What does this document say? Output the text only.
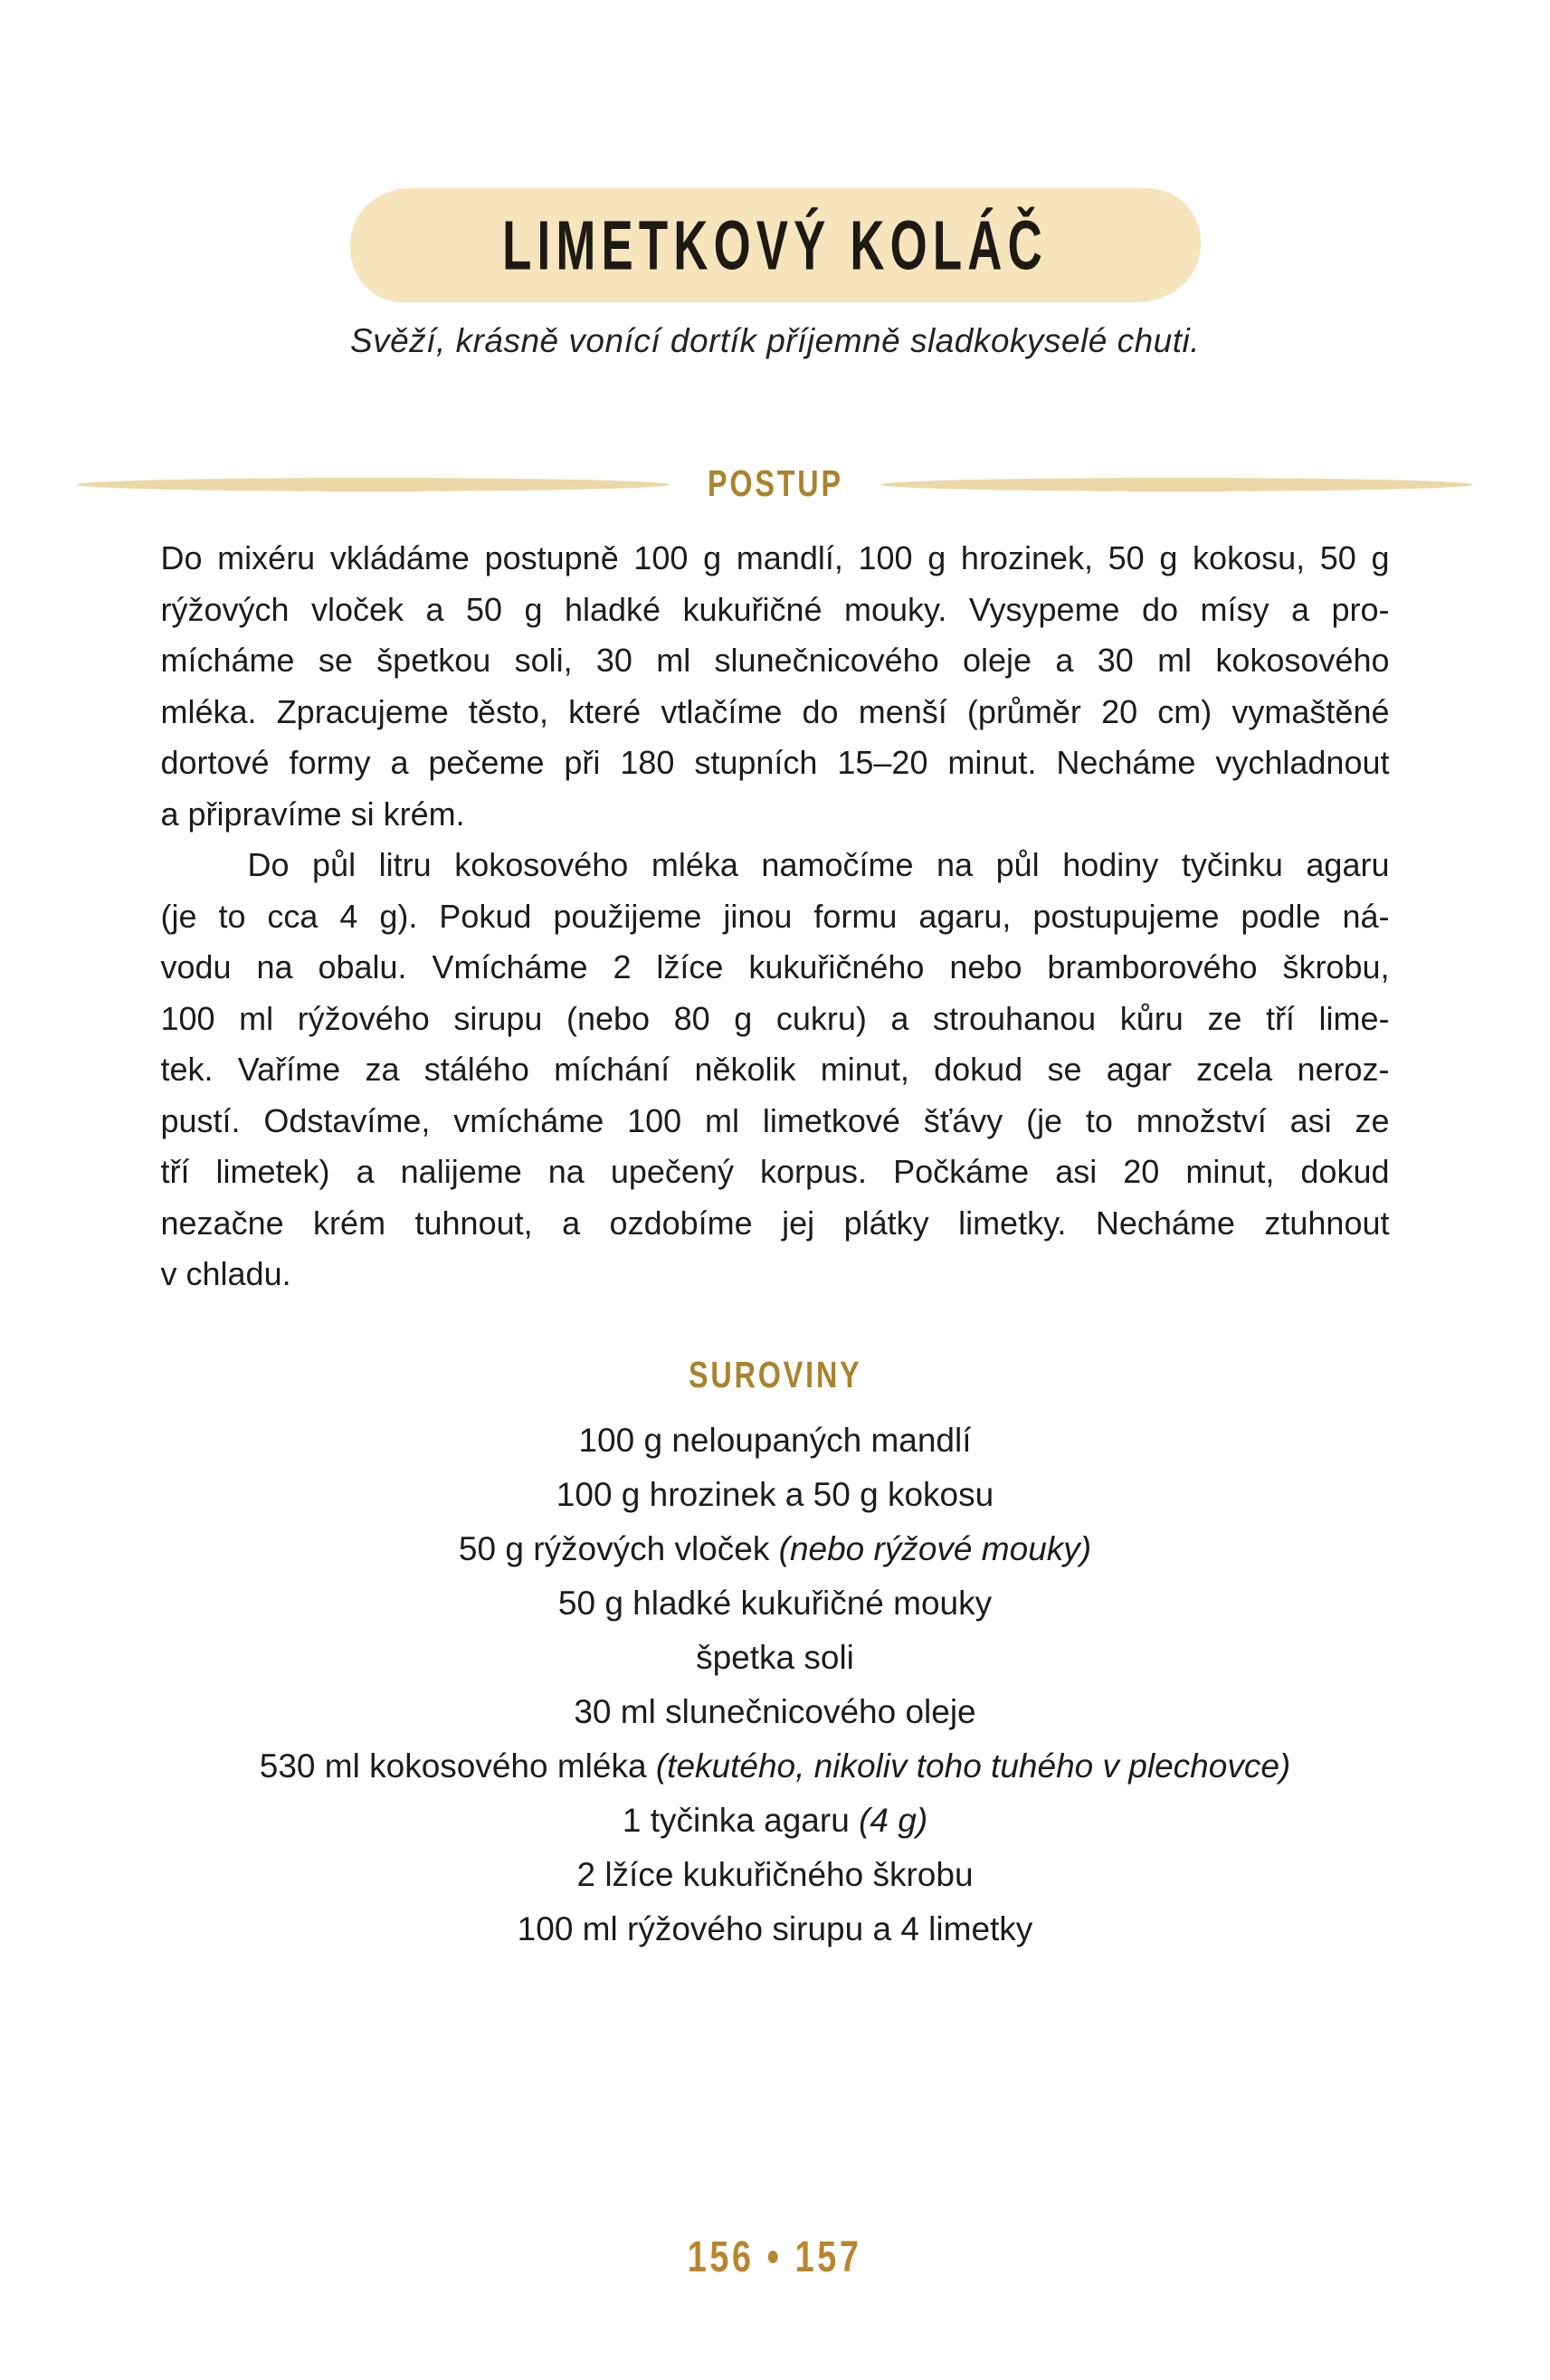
LIMETKOVÝ KOLÁČ
Svěží, krásně vonící dortík příjemně sladkokyselé chuti.
POSTUP
Do mixéru vkládáme postupně 100 g mandlí, 100 g hrozinek, 50 g kokosu, 50 g
rýžových vloček a 50 g hladké kukuřičné mouky. Vysypeme do mísy a pro-
mícháme se špetkou soli, 30 ml slunečnicového oleje a 30 ml kokosového
mléka. Zpracujeme těsto, které vtlačíme do menší (průměr 20 cm) vymaštěné
dortové formy a pečeme při 180 stupních 15–20 minut. Necháme vychladnout
a připravíme si krém.
Do půl litru kokosového mléka namočíme na půl hodiny tyčinku agaru
(je to cca 4 g). Pokud použijeme jinou formu agaru, postupujeme podle ná-
vodu na obalu. Vmícháme 2 lžíce kukuřičného nebo bramborového škrobu,
100 ml rýžového sirupu (nebo 80 g cukru) a strouhanou kůru ze tří lime-
tek. Vaříme za stálého míchání několik minut, dokud se agar zcela neroz-
pustí. Odstavíme, vmícháme 100 ml limetkové šťávy (je to množství asi ze
tří limetek) a nalijeme na upečený korpus. Počkáme asi 20 minut, dokud
nezačne krém tuhnout, a ozdobíme jej plátky limetky. Necháme ztuhnout
v chladu.
SUROVINY
100 g neloupaných mandlí
100 g hrozinek a 50 g kokosu
50 g rýžových vloček (nebo rýžové mouky)
50 g hladké kukuřičné mouky
špetka soli
30 ml slunečnicového oleje
530 ml kokosového mléka (tekutého, nikoliv toho tuhého v plechovce)
1 tyčinka agaru (4 g)
2 lžíce kukuřičného škrobu
100 ml rýžového sirupu a 4 limetky
156 • 157
